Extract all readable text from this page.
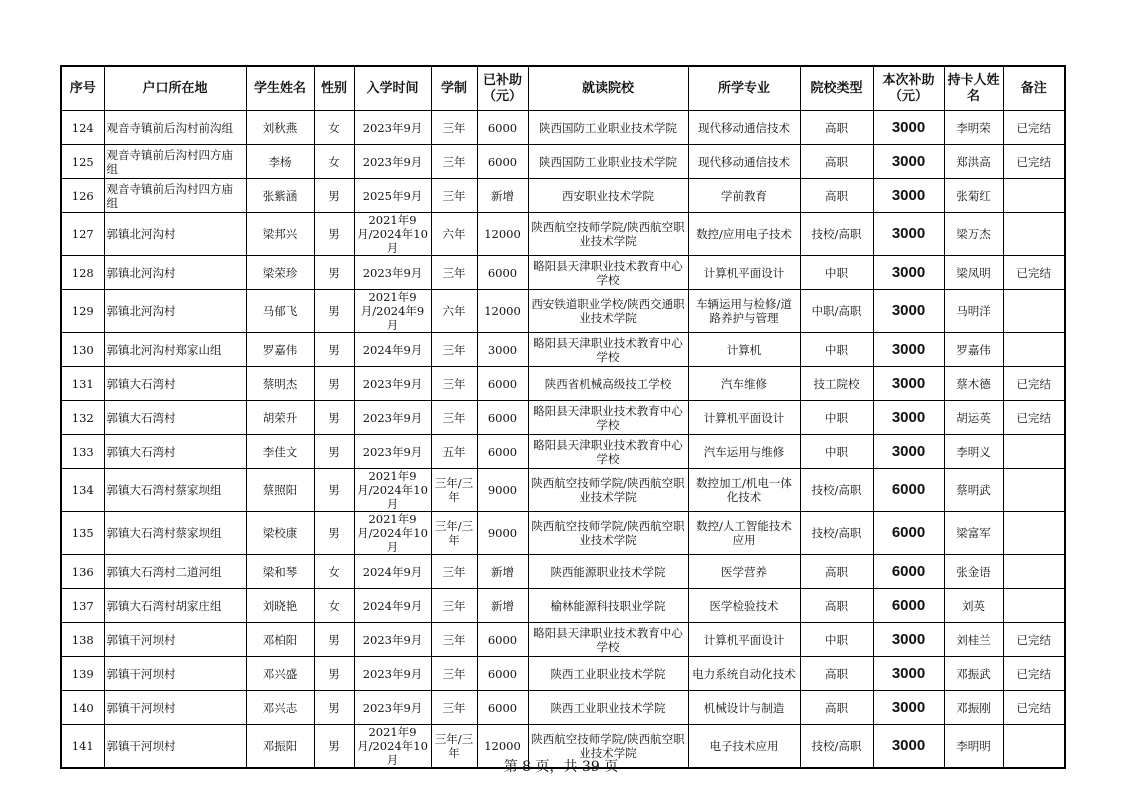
序号	户口所在地	学生姓名	性别	入学时间	学制	已补助（元）	就读院校	所学专业	院校类型	本次补助（元）	持卡人姓名	备注
124	观音寺镇前后沟村前沟组	刘秋燕	女	2023年9月	三年	6000	陕西国防工业职业技术学院	现代移动通信技术	高职	3000	李明荣	已完结
125	观音寺镇前后沟村四方庙组	李杨	女	2023年9月	三年	6000	陕西国防工业职业技术学院	现代移动通信技术	高职	3000	郑洪高	已完结
126	观音寺镇前后沟村四方庙组	张紫涵	男	2025年9月	三年	新增	西安职业技术学院	学前教育	高职	3000	张菊红	
127	郭镇北河沟村	梁邦兴	男	2021年9月/2024年10月	六年	12000	陕西航空技师学院/陕西航空职业技术学院	数控/应用电子技术	技校/高职	3000	梁万杰	
128	郭镇北河沟村	梁荣珍	男	2023年9月	三年	6000	略阳县天津职业技术教育中心学校	计算机平面设计	中职	3000	梁凤明	已完结
129	郭镇北河沟村	马郁飞	男	2021年9月/2024年9月	六年	12000	西安铁道职业学校/陕西交通职业技术学院	车辆运用与检修/道路养护与管理	中职/高职	3000	马明洋	
130	郭镇北河沟村郑家山组	罗嘉伟	男	2024年9月	三年	3000	略阳县天津职业技术教育中心学校	计算机	中职	3000	罗嘉伟	
131	郭镇大石湾村	蔡明杰	男	2023年9月	三年	6000	陕西省机械高级技工学校	汽车维修	技工院校	3000	蔡木德	已完结
132	郭镇大石湾村	胡荣升	男	2023年9月	三年	6000	略阳县天津职业技术教育中心学校	计算机平面设计	中职	3000	胡运英	已完结
133	郭镇大石湾村	李佳文	男	2023年9月	五年	6000	略阳县天津职业技术教育中心学校	汽车运用与维修	中职	3000	李明义	
134	郭镇大石湾村蔡家坝组	蔡照阳	男	2021年9月/2024年10月	三年/三年	9000	陕西航空技师学院/陕西航空职业技术学院	数控加工/机电一体化技术	技校/高职	6000	蔡明武	
135	郭镇大石湾村蔡家坝组	梁校康	男	2021年9月/2024年10月	三年/三年	9000	陕西航空技师学院/陕西航空职业技术学院	数控/人工智能技术应用	技校/高职	6000	梁富军	
136	郭镇大石湾村二道河组	梁和琴	女	2024年9月	三年	新增	陕西能源职业技术学院	医学营养	高职	6000	张金语	
137	郭镇大石湾村胡家庄组	刘晓艳	女	2024年9月	三年	新增	榆林能源科技职业学院	医学检验技术	高职	6000	刘英	
138	郭镇干河坝村	邓柏阳	男	2023年9月	三年	6000	略阳县天津职业技术教育中心学校	计算机平面设计	中职	3000	刘桂兰	已完结
139	郭镇干河坝村	邓兴盛	男	2023年9月	三年	6000	陕西工业职业技术学院	电力系统自动化技术	高职	3000	邓振武	已完结
140	郭镇干河坝村	邓兴志	男	2023年9月	三年	6000	陕西工业职业技术学院	机械设计与制造	高职	3000	邓振刚	已完结
141	郭镇干河坝村	邓振阳	男	2021年9月/2024年10月	三年/三年	12000	陕西航空技师学院/陕西航空职业技术学院	电子技术应用	技校/高职	3000	李明明	
第 8 页，共 39 页
